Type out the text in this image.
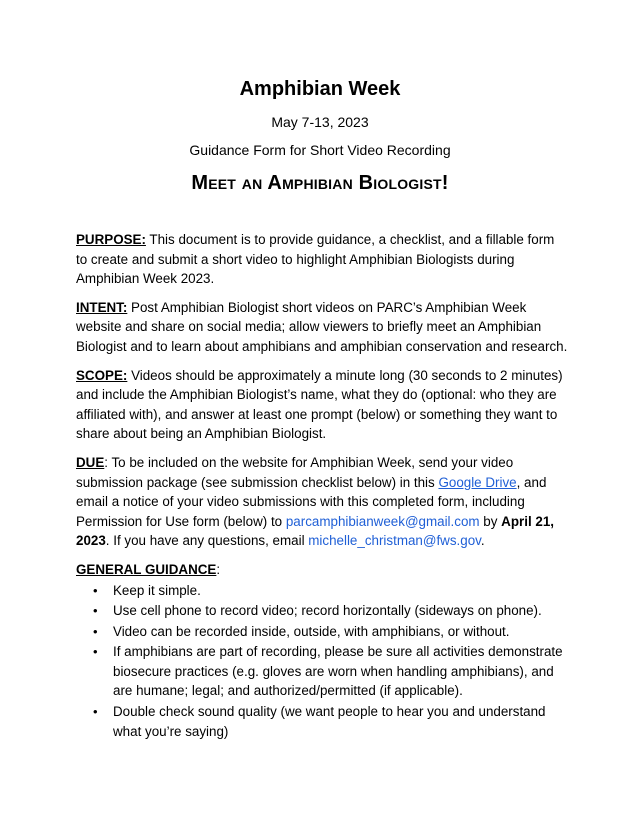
Amphibian Week
May 7-13, 2023
Guidance Form for Short Video Recording
Meet an Amphibian Biologist!

PURPOSE: This document is to provide guidance, a checklist, and a fillable form to create and submit a short video to highlight Amphibian Biologists during Amphibian Week 2023.

INTENT: Post Amphibian Biologist short videos on PARC’s Amphibian Week website and share on social media; allow viewers to briefly meet an Amphibian Biologist and to learn about amphibians and amphibian conservation and research.

SCOPE: Videos should be approximately a minute long (30 seconds to 2 minutes) and include the Amphibian Biologist’s name, what they do (optional: who they are affiliated with), and answer at least one prompt (below) or something they want to share about being an Amphibian Biologist.

DUE: To be included on the website for Amphibian Week, send your video submission package (see submission checklist below) in this Google Drive, and email a notice of your video submissions with this completed form, including Permission for Use form (below) to parcamphibianweek@gmail.com by April 21, 2023. If you have any questions, email michelle_christman@fws.gov.

GENERAL GUIDANCE:

• Keep it simple.
• Use cell phone to record video; record horizontally (sideways on phone).
• Video can be recorded inside, outside, with amphibians, or without.
• If amphibians are part of recording, please be sure all activities demonstrate biosecure practices (e.g. gloves are worn when handling amphibians), and are humane; legal; and authorized/permitted (if applicable).
• Double check sound quality (we want people to hear you and understand what you’re saying)
